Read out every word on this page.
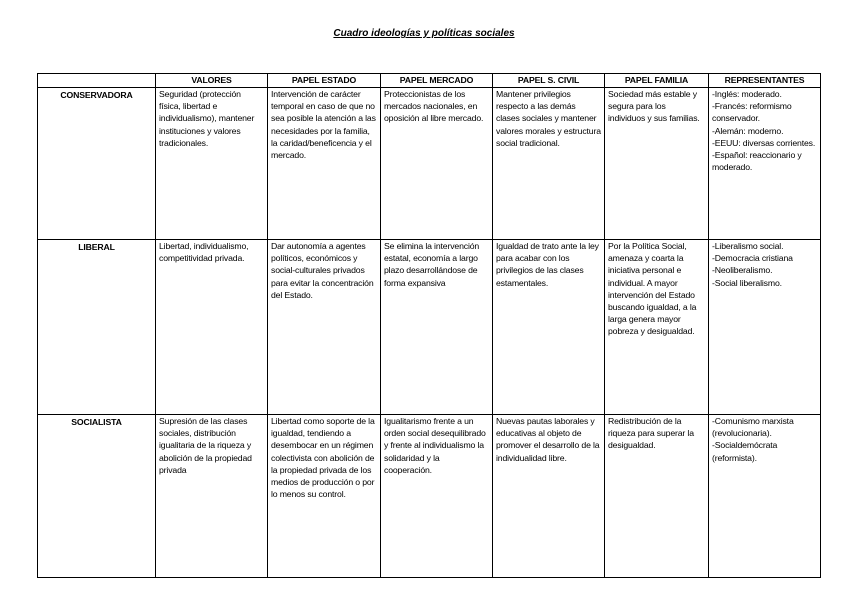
Cuadro ideologías y políticas sociales
	VALORES	PAPEL ESTADO	PAPEL MERCADO	PAPEL S. CIVIL	PAPEL FAMILIA	REPRESENTANTES
CONSERVADORA	Seguridad (protección física, libertad e individualismo), mantener instituciones y valores tradicionales.	Intervención de carácter temporal en caso de que no sea posible la atención a las necesidades por la familia, la caridad/beneficencia y el mercado.	Proteccionistas de los mercados nacionales, en oposición al libre mercado.	Mantener privilegios respecto a las demás clases sociales y mantener valores morales y estructura social tradicional.	Sociedad más estable y segura para los individuos y sus familias.	-Inglés: moderado.
-Francés: reformismo conservador.
-Alemán: moderno.
-EEUU: diversas corrientes.
-Español: reaccionario y moderado.
LIBERAL	Libertad, individualismo, competitividad privada.	Dar autonomía a agentes políticos, económicos y social-culturales privados para evitar la concentración del Estado.	Se elimina la intervención estatal, economía a largo plazo desarrollándose de forma expansiva	Igualdad de trato ante la ley para acabar con los privilegios de las clases estamentales.	Por la Política Social, amenaza y coarta la iniciativa personal e individual. A mayor intervención del Estado buscando igualdad, a la larga genera mayor pobreza y desigualdad.	-Liberalismo social.
-Democracia cristiana
-Neoliberalismo.
-Social liberalismo.
SOCIALISTA	Supresión de las clases sociales, distribución igualitaria de la riqueza y abolición de la propiedad privada	Libertad como soporte de la igualdad, tendiendo a desembocar en un régimen colectivista con abolición de la propiedad privada de los medios de producción o por lo menos su control.	Igualitarismo frente a un orden social desequilibrado y frente al individualismo la solidaridad y la cooperación.	Nuevas pautas laborales y educativas al objeto de promover el desarrollo de la individualidad libre.	Redistribución de la riqueza para superar la desigualdad.	-Comunismo marxista (revolucionaria).
-Socialdemócrata (reformista).
